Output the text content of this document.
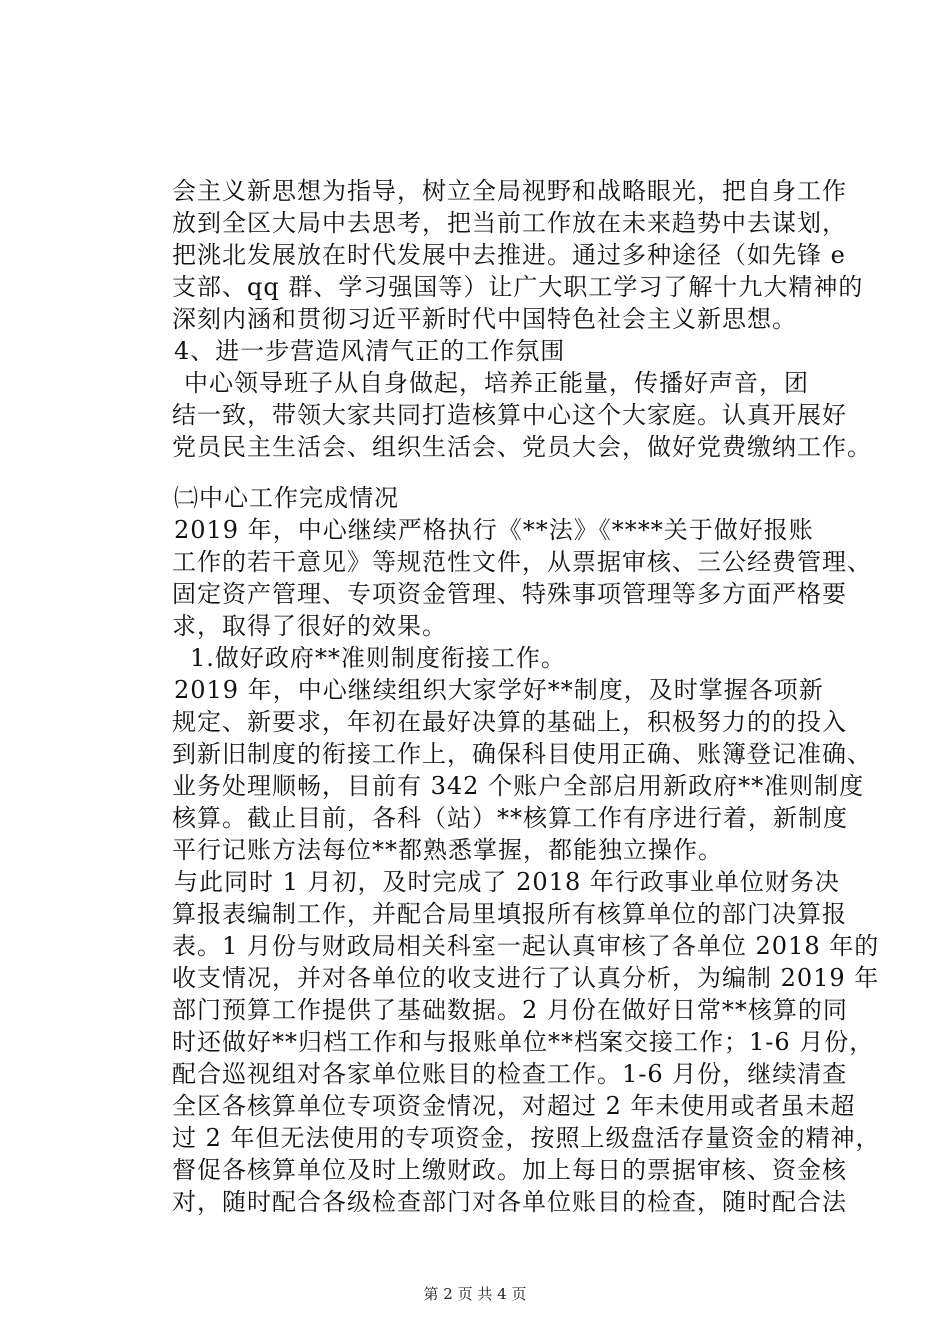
会主义新思想为指导，树立全局视野和战略眼光，把自身工作
放到全区大局中去思考，把当前工作放在未来趋势中去谋划，
把洮北发展放在时代发展中去推进。通过多种途径（如先锋 e
支部、qq 群、学习强国等）让广大职工学习了解十九大精神的
深刻内涵和贯彻习近平新时代中国特色社会主义新思想。
4、进一步营造风清气正的工作氛围
中心领导班子从自身做起，培养正能量，传播好声音，团
结一致，带领大家共同打造核算中心这个大家庭。认真开展好
党员民主生活会、组织生活会、党员大会，做好党费缴纳工作。
㈡中心工作完成情况
2019 年，中心继续严格执行《**法》《****关于做好报账
工作的若干意见》等规范性文件，从票据审核、三公经费管理、
固定资产管理、专项资金管理、特殊事项管理等多方面严格要
求，取得了很好的效果。
1.做好政府**准则制度衔接工作。
2019 年，中心继续组织大家学好**制度，及时掌握各项新
规定、新要求，年初在最好决算的基础上，积极努力的的投入
到新旧制度的衔接工作上，确保科目使用正确、账簿登记准确、
业务处理顺畅，目前有 342 个账户全部启用新政府**准则制度
核算。截止目前，各科（站）**核算工作有序进行着，新制度
平行记账方法每位**都熟悉掌握，都能独立操作。
与此同时 1 月初，及时完成了 2018 年行政事业单位财务决
算报表编制工作，并配合局里填报所有核算单位的部门决算报
表。1 月份与财政局相关科室一起认真审核了各单位 2018 年的
收支情况，并对各单位的收支进行了认真分析，为编制 2019 年
部门预算工作提供了基础数据。2 月份在做好日常**核算的同
时还做好**归档工作和与报账单位**档案交接工作；1-6 月份，
配合巡视组对各家单位账目的检查工作。1-6 月份，继续清查
全区各核算单位专项资金情况，对超过 2 年未使用或者虽未超
过 2 年但无法使用的专项资金，按照上级盘活存量资金的精神，
督促各核算单位及时上缴财政。加上每日的票据审核、资金核
对，随时配合各级检查部门对各单位账目的检查，随时配合法
第 2 页 共 4 页
